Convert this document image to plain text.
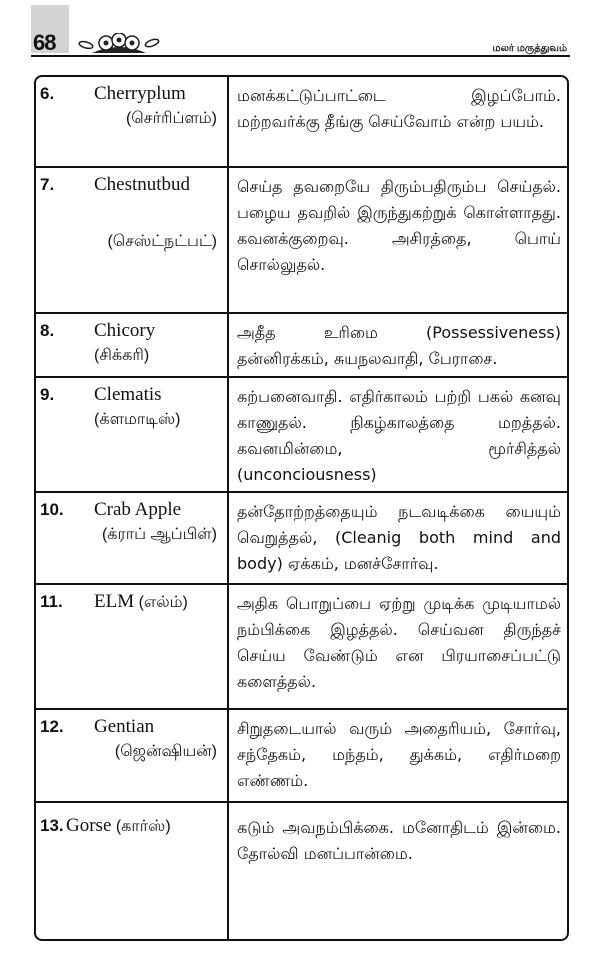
68	மலர் மருத்துவம்
6. Cherryplum
(செர்ரிப்ளம்)	மனக்கட்டுப்பாட்டை இழப்போம். மற்றவர்க்கு தீங்கு செய்வோம் என்ற பயம்.

7. Chestnutbud
(செஸ்ட்நட்பட்)	செய்த தவறையே திரும்பதிரும்ப செய்தல். பழைய தவறில் இருந்துகற்றுக் கொள்ளாதது. கவனக்குறைவு. அசிரத்தை, பொய் சொல்லுதல்.

8. Chicory
(சிக்கரி)	அதீத உரிமை (Possessiveness) தன்னிரக்கம், சுயநலவாதி, பேராசை.

9. Clematis
(க்ளமாடிஸ்)	கற்பனைவாதி. எதிர்காலம் பற்றி பகல் கனவு காணுதல். நிகழ்காலத்தை மறத்தல். கவனமின்மை, மூர்சித்தல் (unconciousness)

10. Crab Apple
(க்ராப் ஆப்பிள்)	தன்தோற்றத்தையும் நடவடிக்கை யையும் வெறுத்தல், (Cleanig both mind and body) ஏக்கம், மனச்சோர்வு.

11. ELM (எல்ம்)	அதிக பொறுப்பை ஏற்று முடிக்க முடியாமல் நம்பிக்கை இழத்தல். செய்வன திருந்தச் செய்ய வேண்டும் என பிரயாசைப்பட்டு களைத்தல்.

12. Gentian
(ஜென்ஷியன்)	சிறுதடையால் வரும் அதைரியம், சோர்வு, சந்தேகம், மந்தம், துக்கம், எதிர்மறை எண்ணம்.

13. Gorse (கார்ஸ்)	கடும் அவநம்பிக்கை. மனோதிடம் இன்மை. தோல்வி மனப்பான்மை.
